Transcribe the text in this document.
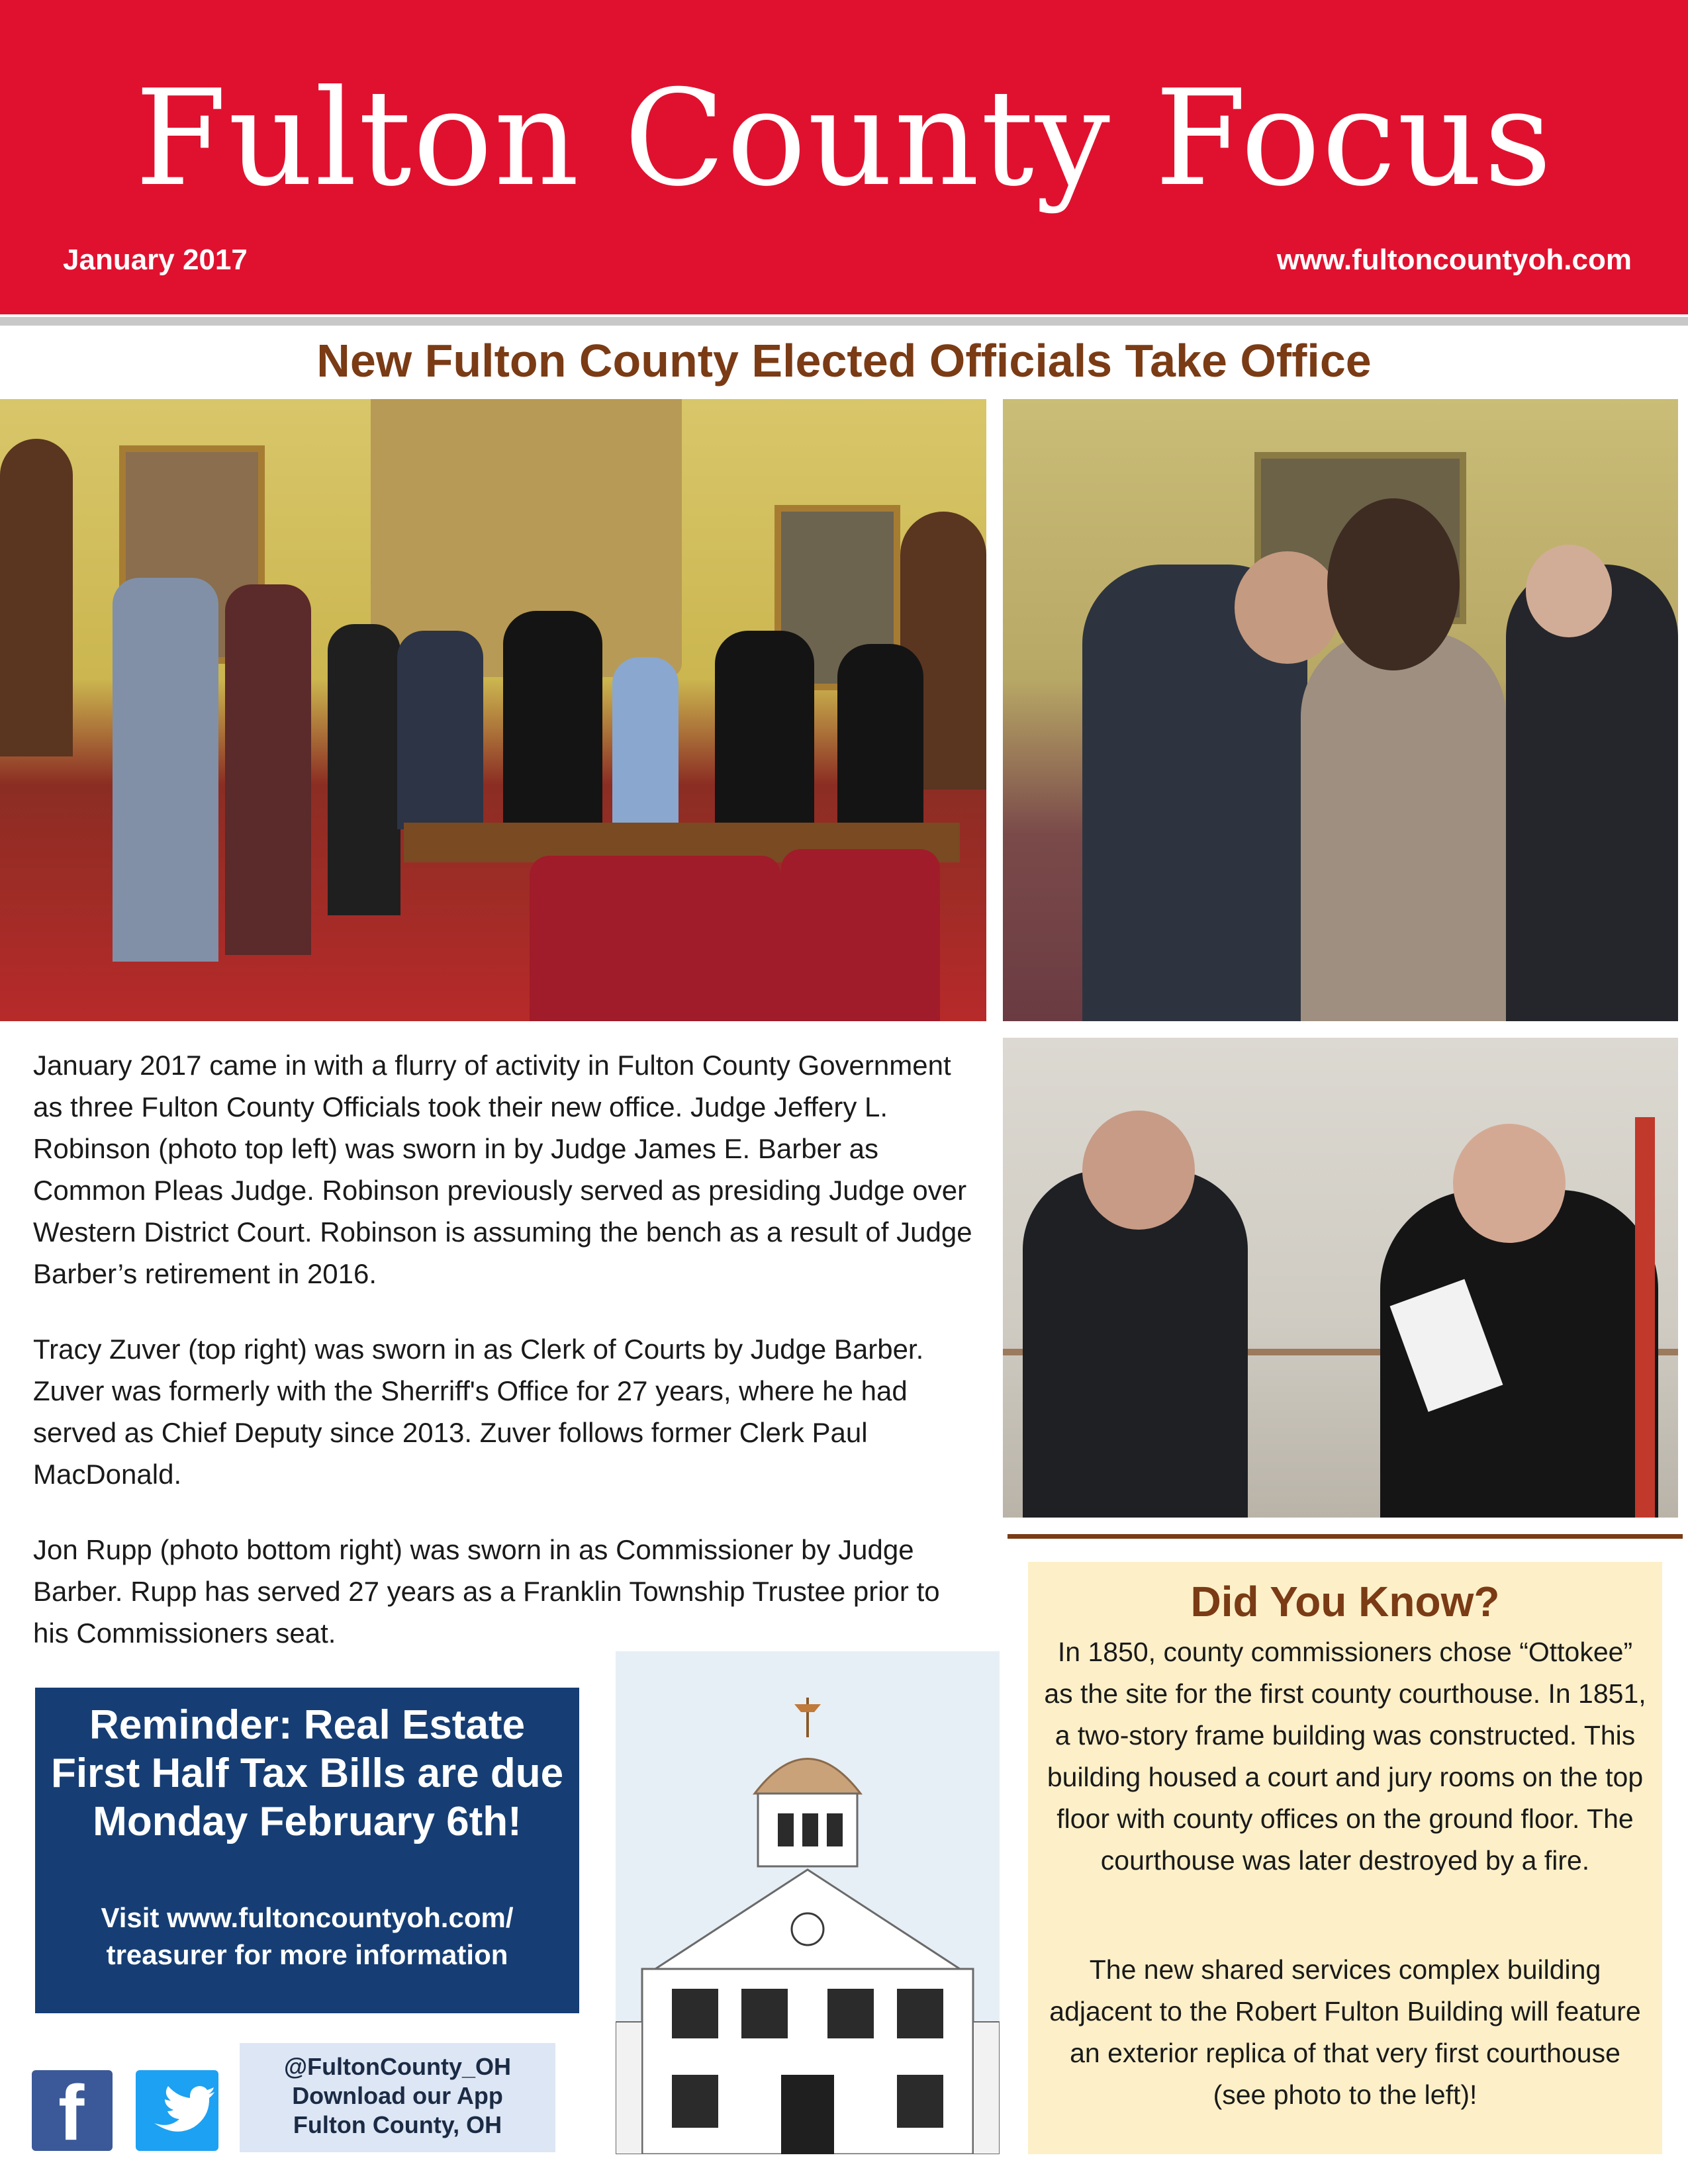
Fulton County Focus
January 2017	www.fultoncountyoh.com
New Fulton County Elected Officials Take Office

January 2017 came in with a flurry of activity in Fulton County Government as three Fulton County Officials took their new office. Judge Jeffery L. Robinson (photo top left) was sworn in by Judge James E. Barber as Common Pleas Judge. Robinson previously served as presiding Judge over Western District Court. Robinson is assuming the bench as a result of Judge Barber’s retirement in 2016.

Tracy Zuver (top right) was sworn in as Clerk of Courts by Judge Barber. Zuver was formerly with the Sherriff's Office for 27 years, where he had served as Chief Deputy since 2013. Zuver follows former Clerk Paul MacDonald.

Jon Rupp (photo bottom right) was sworn in as Commissioner by Judge Barber. Rupp has served 27 years as a Franklin Township Trustee prior to his Commissioners seat.

Reminder: Real Estate First Half Tax Bills are due Monday February 6th!
Visit www.fultoncountyoh.com/ treasurer for more information
f
@FultonCounty_OH
Download our App
Fulton County, OH
Did You Know?
In 1850, county commissioners chose “Ottokee” as the site for the first county courthouse. In 1851, a two-story frame building was constructed. This building housed a court and jury rooms on the top floor with county offices on the ground floor. The courthouse was later destroyed by a fire.
The new shared services complex building adjacent to the Robert Fulton Building will feature an exterior replica of that very first courthouse (see photo to the left)!
